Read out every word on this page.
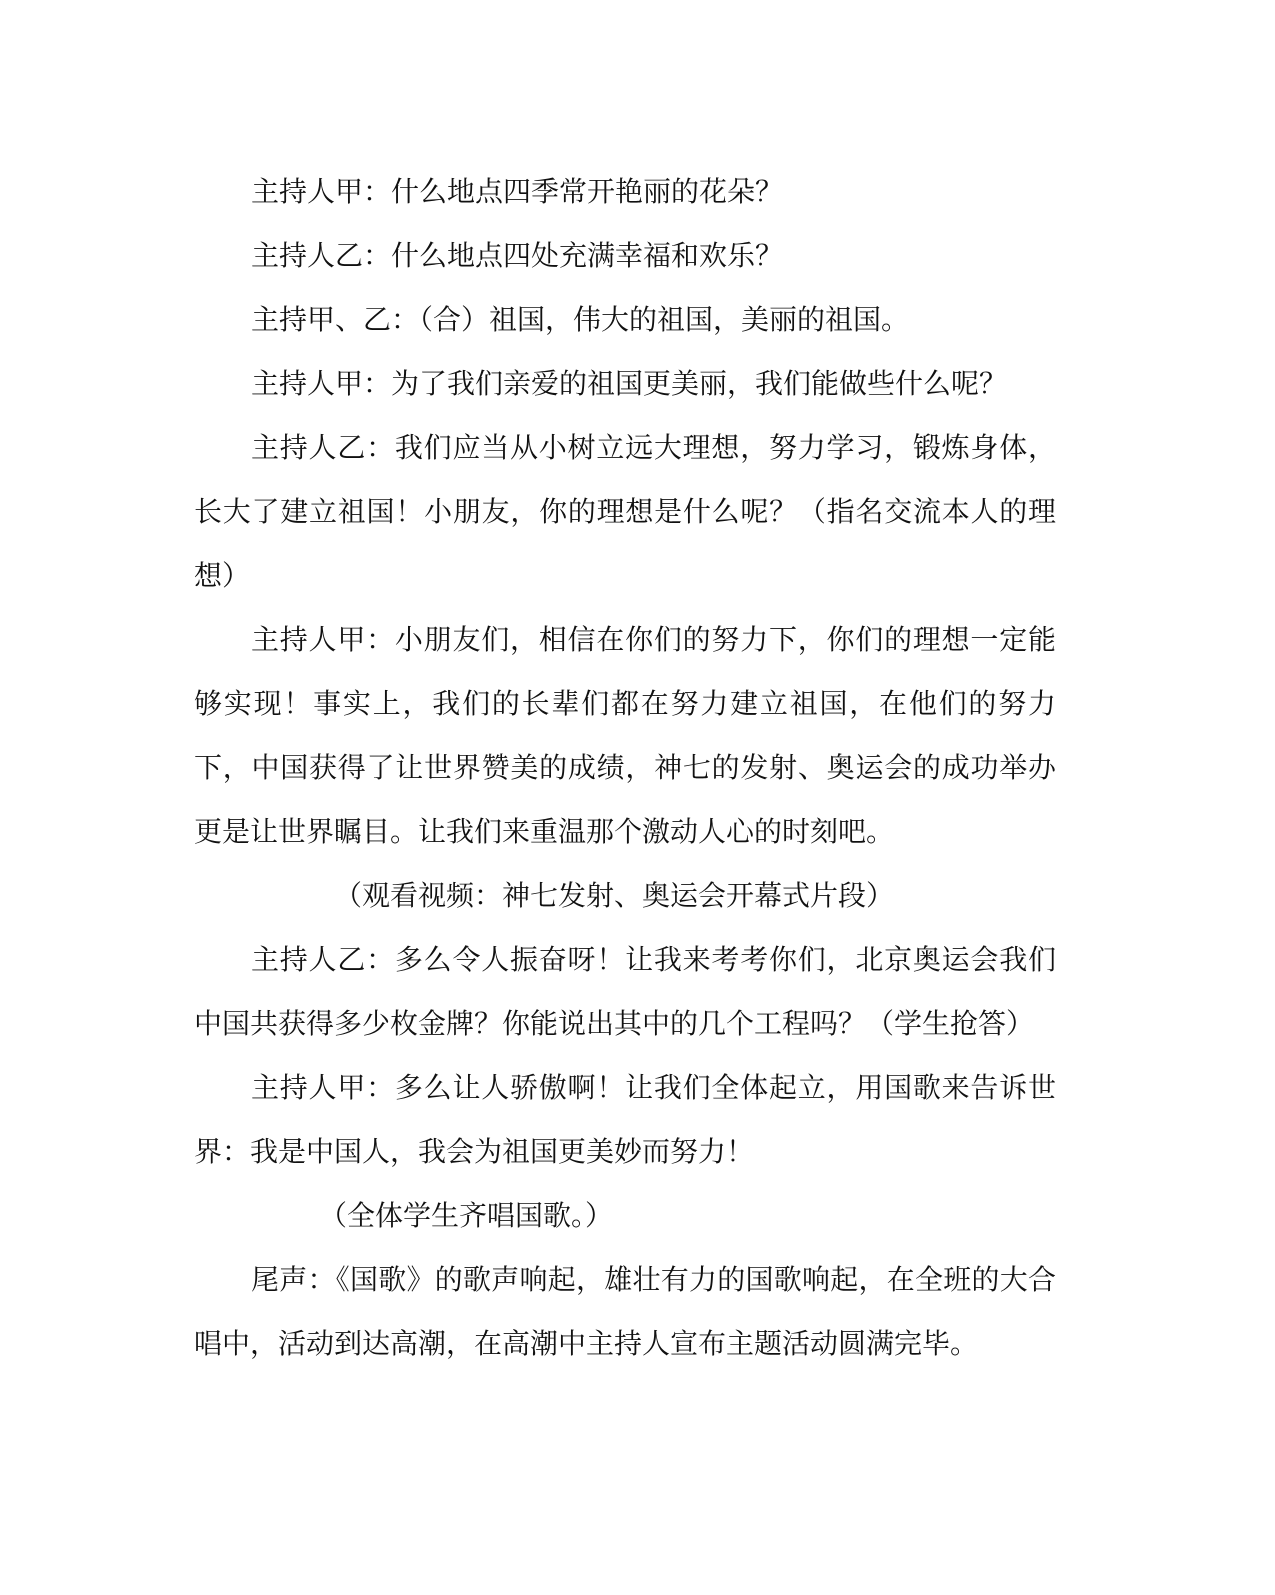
主持人甲：什么地点四季常开艳丽的花朵？

主持人乙：什么地点四处充满幸福和欢乐？

主持甲、乙：（合）祖国，伟大的祖国，美丽的祖国。

主持人甲：为了我们亲爱的祖国更美丽，我们能做些什么呢？

主持人乙：我们应当从小树立远大理想，努力学习，锻炼身体，长大了建立祖国！小朋友，你的理想是什么呢？（指名交流本人的理想）

主持人甲：小朋友们，相信在你们的努力下，你们的理想一定能够实现！事实上，我们的长辈们都在努力建立祖国，在他们的努力下，中国获得了让世界赞美的成绩，神七的发射、奥运会的成功举办更是让世界瞩目。让我们来重温那个激动人心的时刻吧。

（观看视频：神七发射、奥运会开幕式片段）

主持人乙：多么令人振奋呀！让我来考考你们，北京奥运会我们中国共获得多少枚金牌？你能说出其中的几个工程吗？（学生抢答）

主持人甲：多么让人骄傲啊！让我们全体起立，用国歌来告诉世界：我是中国人，我会为祖国更美妙而努力！

（全体学生齐唱国歌。）

尾声：《国歌》的歌声响起，雄壮有力的国歌响起，在全班的大合唱中，活动到达高潮，在高潮中主持人宣布主题活动圆满完毕。
